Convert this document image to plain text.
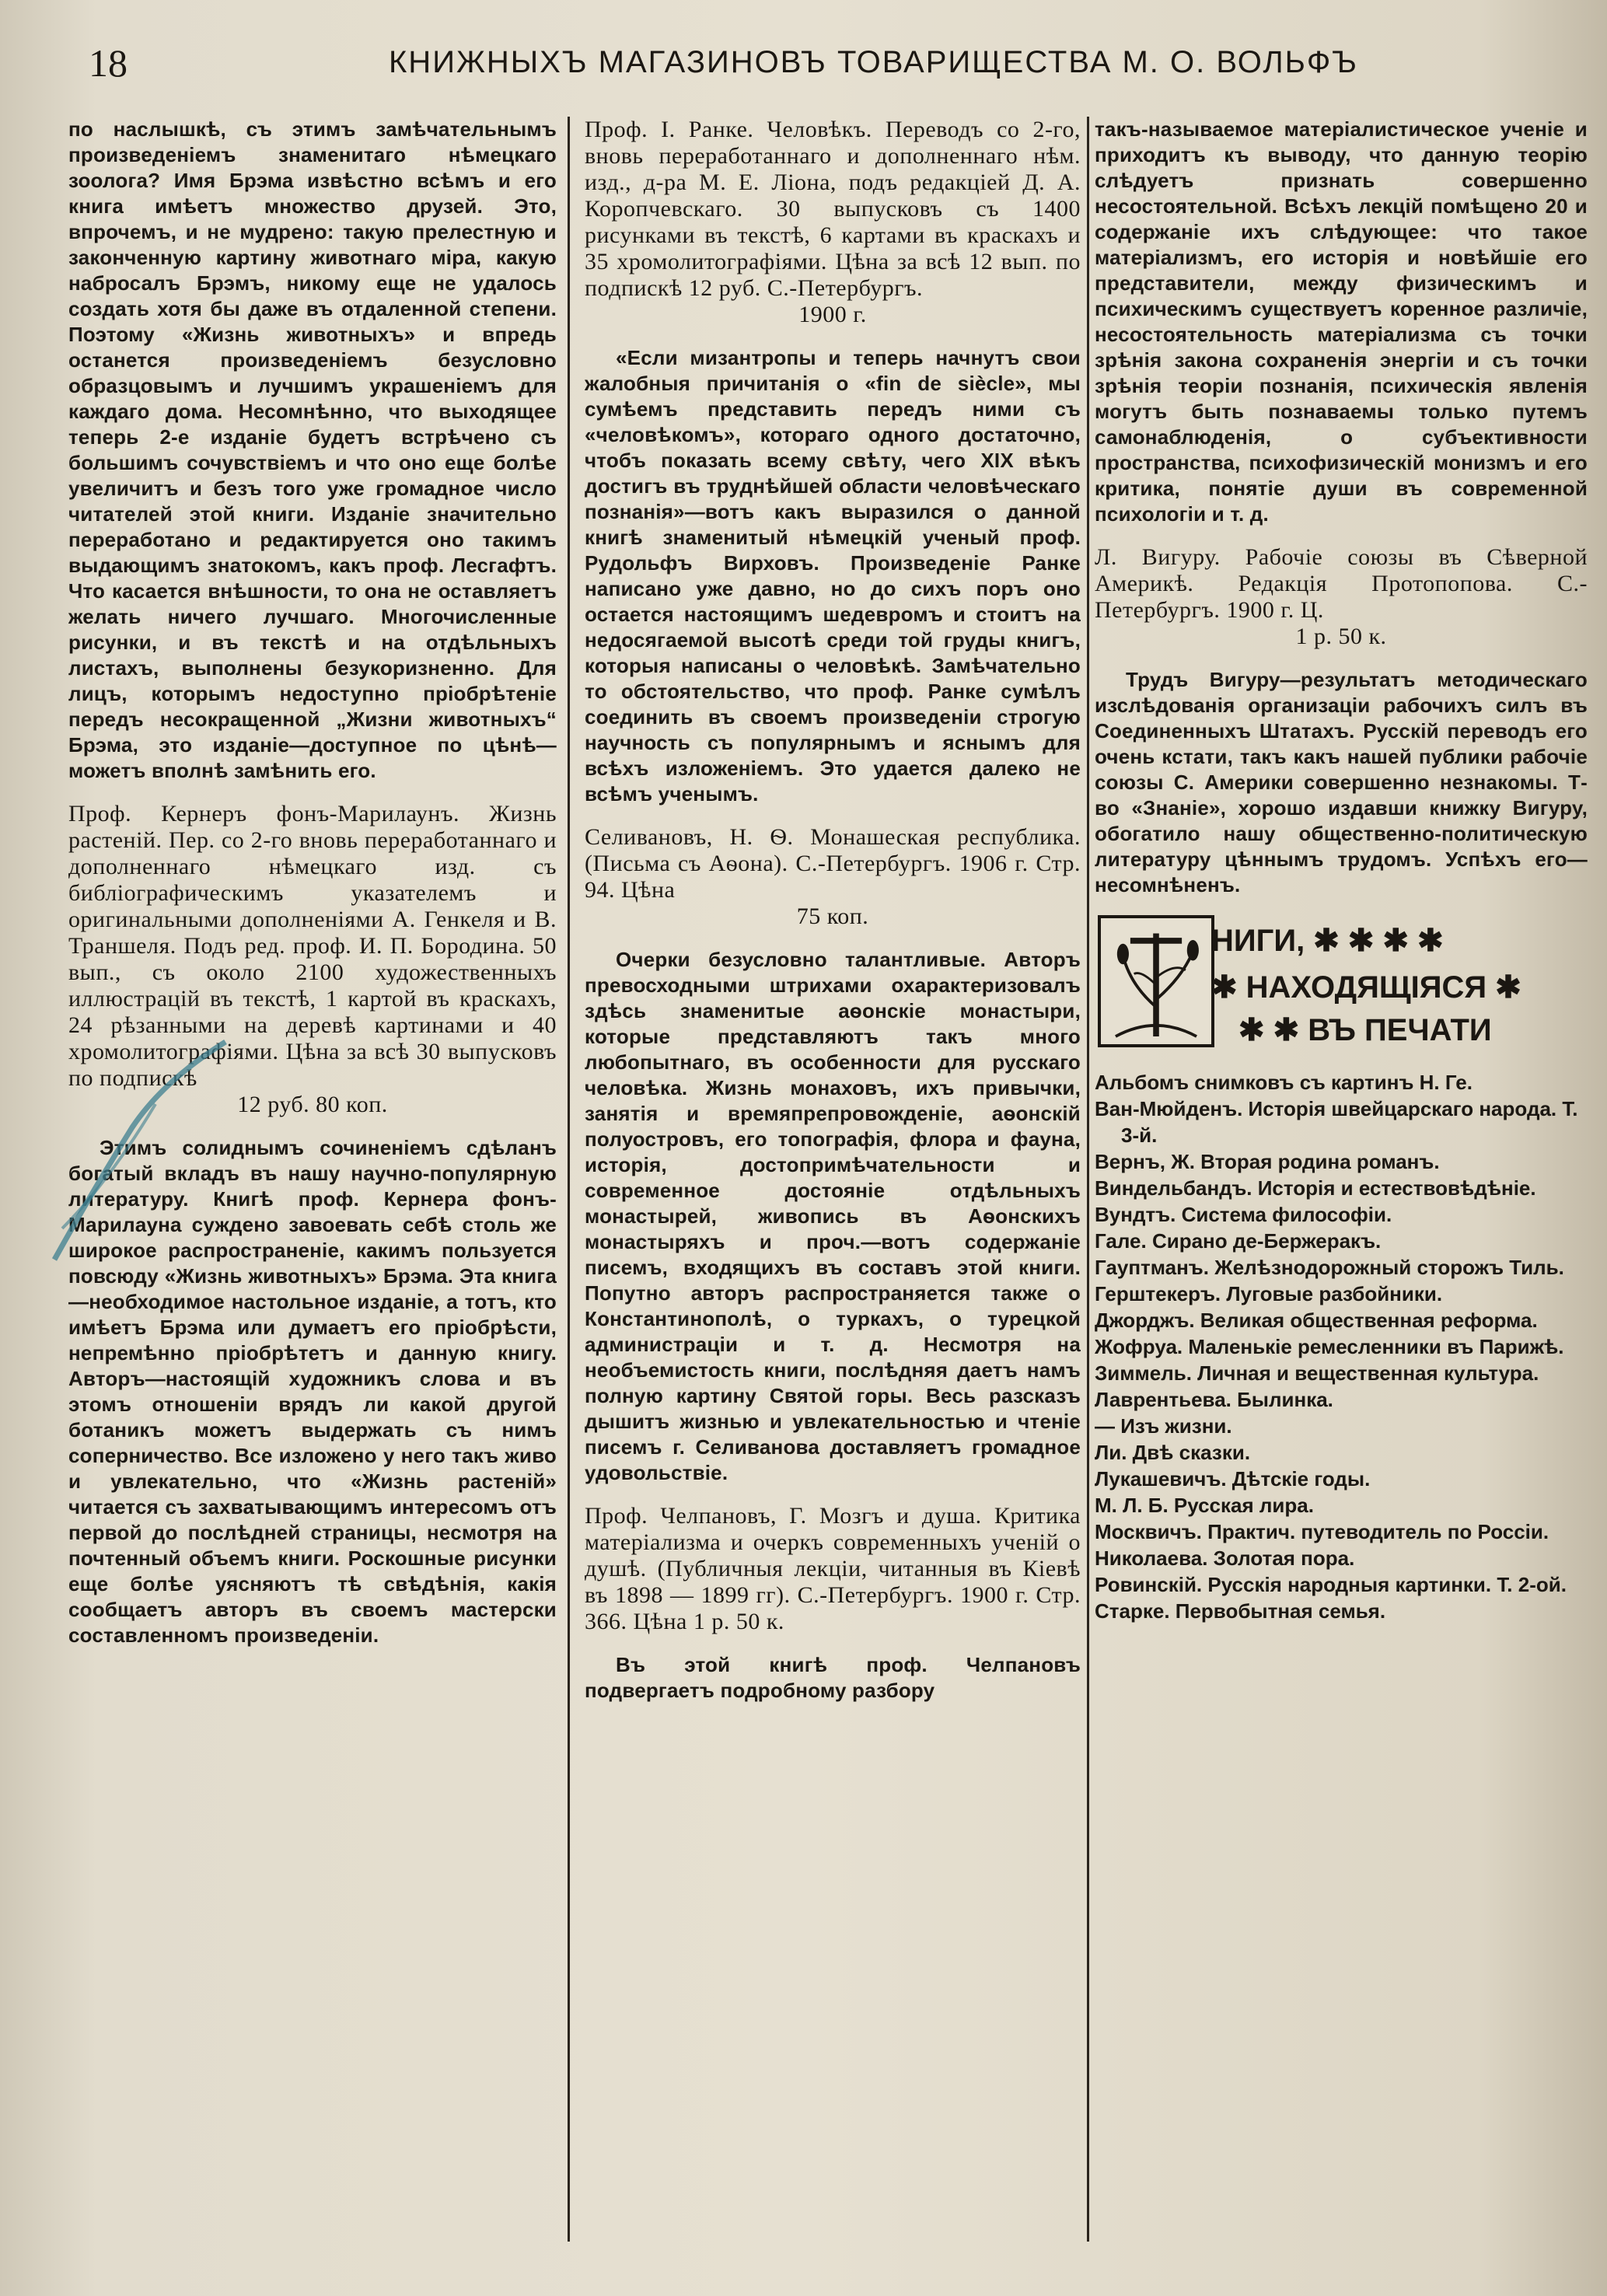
18	КНИЖНЫХЪ МАГАЗИНОВЪ ТОВАРИЩЕСТВА М. О. ВОЛЬФЪ
по наслышкѣ, съ этимъ замѣчательнымъ произведеніемъ знаменитаго нѣмецкаго зоолога? Имя Брэма извѣстно всѣмъ и его книга имѣетъ множество друзей. Это, впрочемъ, и не мудрено: такую прелестную и законченную картину животнаго міра, какую набросалъ Брэмъ, никому еще не удалось создать хотя бы даже въ отдаленной степени. Поэтому «Жизнь животныхъ» и впредь останется произведеніемъ безусловно образцовымъ и лучшимъ украшеніемъ для каждаго дома. Несомнѣнно, что выходящее теперь 2-е изданіе будетъ встрѣчено съ большимъ сочувствіемъ и что оно еще болѣе увеличитъ и безъ того уже громадное число читателей этой книги. Изданіе значительно переработано и редактируется оно такимъ выдающимъ знатокомъ, какъ проф. Лесгафтъ. Что касается внѣшности, то она не оставляетъ желать ничего лучшаго. Многочисленные рисунки, и въ текстѣ и на отдѣльныхъ листахъ, выполнены безукоризненно. Для лицъ, которымъ недоступно пріобрѣтеніе передъ несокращенной „Жизни животныхъ“ Брэма, это изданіе—доступное по цѣнѣ—можетъ вполнѣ замѣнить его.
Проф. Кернеръ фонъ-Марилаунъ. Жизнь растеній. Пер. со 2-го вновь переработаннаго и дополненнаго нѣмецкаго изд. съ библіографическимъ указателемъ и оригинальными дополненіями А. Генкеля и В. Траншеля. Подъ ред. проф. И. П. Бородина. 50 вып., съ около 2100 художественныхъ иллюстрацій въ текстѣ, 1 картой въ краскахъ, 24 рѣзанными на деревѣ картинами и 40 хромолитографіями. Цѣна за всѣ 30 выпусковъ по подпискѣ
12 руб. 80 коп.
Этимъ солиднымъ сочиненіемъ сдѣланъ богатый вкладъ въ нашу научно-популярную литературу. Книгѣ проф. Кернера фонъ-Марилауна суждено завоевать себѣ столь же широкое распространеніе, какимъ пользуется повсюду «Жизнь животныхъ» Брэма. Эта книга—необходимое настольное изданіе, а тотъ, кто имѣетъ Брэма или думаетъ его пріобрѣсти, непремѣнно пріобрѣтетъ и данную книгу. Авторъ—настоящій художникъ слова и въ этомъ отношеніи врядъ ли какой другой ботаникъ можетъ выдержать съ нимъ соперничество. Все изложено у него такъ живо и увлекательно, что «Жизнь растеній» читается съ захватывающимъ интересомъ отъ первой до послѣдней страницы, несмотря на почтенный объемъ книги. Роскошные рисунки еще болѣе уясняютъ тѣ свѣдѣнія, какія сообщаетъ авторъ въ своемъ мастерски составленномъ произведеніи.
Проф. І. Ранке. Человѣкъ. Переводъ со 2-го, вновь переработаннаго и дополненнаго нѣм. изд., д-ра М. Е. Ліона, подъ редакціей Д. А. Коропчевскаго. 30 выпусковъ съ 1400 рисунками въ текстѣ, 6 картами въ краскахъ и 35 хромолитографіями. Цѣна за всѣ 12 вып. по подпискѣ 12 руб. С.-Петербургъ.
1900 г.
«Если мизантропы и теперь начнутъ свои жалобныя причитанія о «fin de siècle», мы сумѣемъ представить передъ ними съ «человѣкомъ», котораго одного достаточно, чтобъ показать всему свѣту, чего XIX вѣкъ достигъ въ труднѣйшей области человѣческаго познанія»—вотъ какъ выразился о данной книгѣ знаменитый нѣмецкій ученый проф. Рудольфъ Вирховъ. Произведеніе Ранке написано уже давно, но до сихъ поръ оно остается настоящимъ шедевромъ и стоитъ на недосягаемой высотѣ среди той груды книгъ, которыя написаны о человѣкѣ. Замѣчательно то обстоятельство, что проф. Ранке сумѣлъ соединить въ своемъ произведеніи строгую научность съ популярнымъ и яснымъ для всѣхъ изложеніемъ. Это удается далеко не всѣмъ ученымъ.
Селивановъ, Н. Ѳ. Монашеская республика. (Письма съ Аѳона). С.-Петербургъ. 1906 г. Стр. 94. Цѣна
75 коп.
Очерки безусловно талантливые. Авторъ превосходными штрихами охарактеризовалъ здѣсь знаменитые аѳонскіе монастыри, которые представляютъ такъ много любопытнаго, въ особенности для русскаго человѣка. Жизнь монаховъ, ихъ привычки, занятія и времяпрепровожденіе, аѳонскій полуостровъ, его топографія, флора и фауна, исторія, достопримѣчательности и современное достояніе отдѣльныхъ монастырей, живопись въ Аѳонскихъ монастыряхъ и проч.—вотъ содержаніе писемъ, входящихъ въ составъ этой книги. Попутно авторъ распространяется также о Константинополѣ, о туркахъ, о турецкой администраціи и т. д. Несмотря на необъемистость книги, послѣдняя даетъ намъ полную картину Святой горы. Весь разсказъ дышитъ жизнью и увлекательностью и чтеніе писемъ г. Селиванова доставляетъ громадное удовольствіе.
Проф. Челпановъ, Г. Мозгъ и душа. Критика матеріализма и очеркъ современныхъ ученій о душѣ. (Публичныя лекціи, читанныя въ Кіевѣ въ 1898 — 1899 гг). С.-Петербургъ. 1900 г. Стр. 366. Цѣна 1 р. 50 к.
Въ этой книгѣ проф. Челпановъ подвергаетъ подробному разбору
такъ-называемое матеріалистическое ученіе и приходитъ къ выводу, что данную теорію слѣдуетъ признать совершенно несостоятельной. Всѣхъ лекцій помѣщено 20 и содержаніе ихъ слѣдующее: что такое матеріализмъ, его исторія и новѣйшіе его представители, между физическимъ и психическимъ существуетъ коренное различіе, несостоятельность матеріализма съ точки зрѣнія закона сохраненія энергіи и съ точки зрѣнія теоріи познанія, психическія явленія могутъ быть познаваемы только путемъ самонаблюденія, о субъективности пространства, психофизическій монизмъ и его критика, понятіе души въ современной психологіи и т. д.
Л. Вигуру. Рабочіе союзы въ Сѣверной Америкѣ. Редакція Протопопова. С.-Петербургъ. 1900 г. Ц.
1 р. 50 к.
Трудъ Вигуру—результатъ методическаго изслѣдованія организаціи рабочихъ силъ въ Соединенныхъ Штатахъ. Русскій переводъ его очень кстати, такъ какъ нашей публики рабочіе союзы С. Америки совершенно незнакомы. Т-во «Знаніе», хорошо издавши книжку Вигуру, обогатило нашу общественно-политическую литературу цѣннымъ трудомъ. Успѣхъ его—несомнѣненъ.
НИГИ, ✱ ✱ ✱ ✱
✱ НАХОДЯЩІЯСЯ ✱
✱ ✱ ВЪ ПЕЧАТИ
Альбомъ снимковъ съ картинъ Н. Ге.
Ван-Мюйденъ. Исторія швейцарскаго народа. Т. 3-й.
Вернъ, Ж. Вторая родина романъ.
Виндельбандъ. Исторія и естествовѣдѣніе.
Вундтъ. Система философіи.
Гале. Сирано де-Бержеракъ.
Гауптманъ. Желѣзнодорожный сторожъ Тиль.
Герштекеръ. Луговые разбойники.
Джорджъ. Великая общественная реформа.
Жофруа. Маленькіе ремесленники въ Парижѣ.
Зиммель. Личная и вещественная культура.
Лаврентьева. Былинка.
— Изъ жизни.
Ли. Двѣ сказки.
Лукашевичъ. Дѣтскіе годы.
М. Л. Б. Русская лира.
Москвичъ. Практич. путеводитель по Россіи.
Николаева. Золотая пора.
Ровинскій. Русскія народныя картинки. Т. 2-ой.
Старке. Первобытная семья.
